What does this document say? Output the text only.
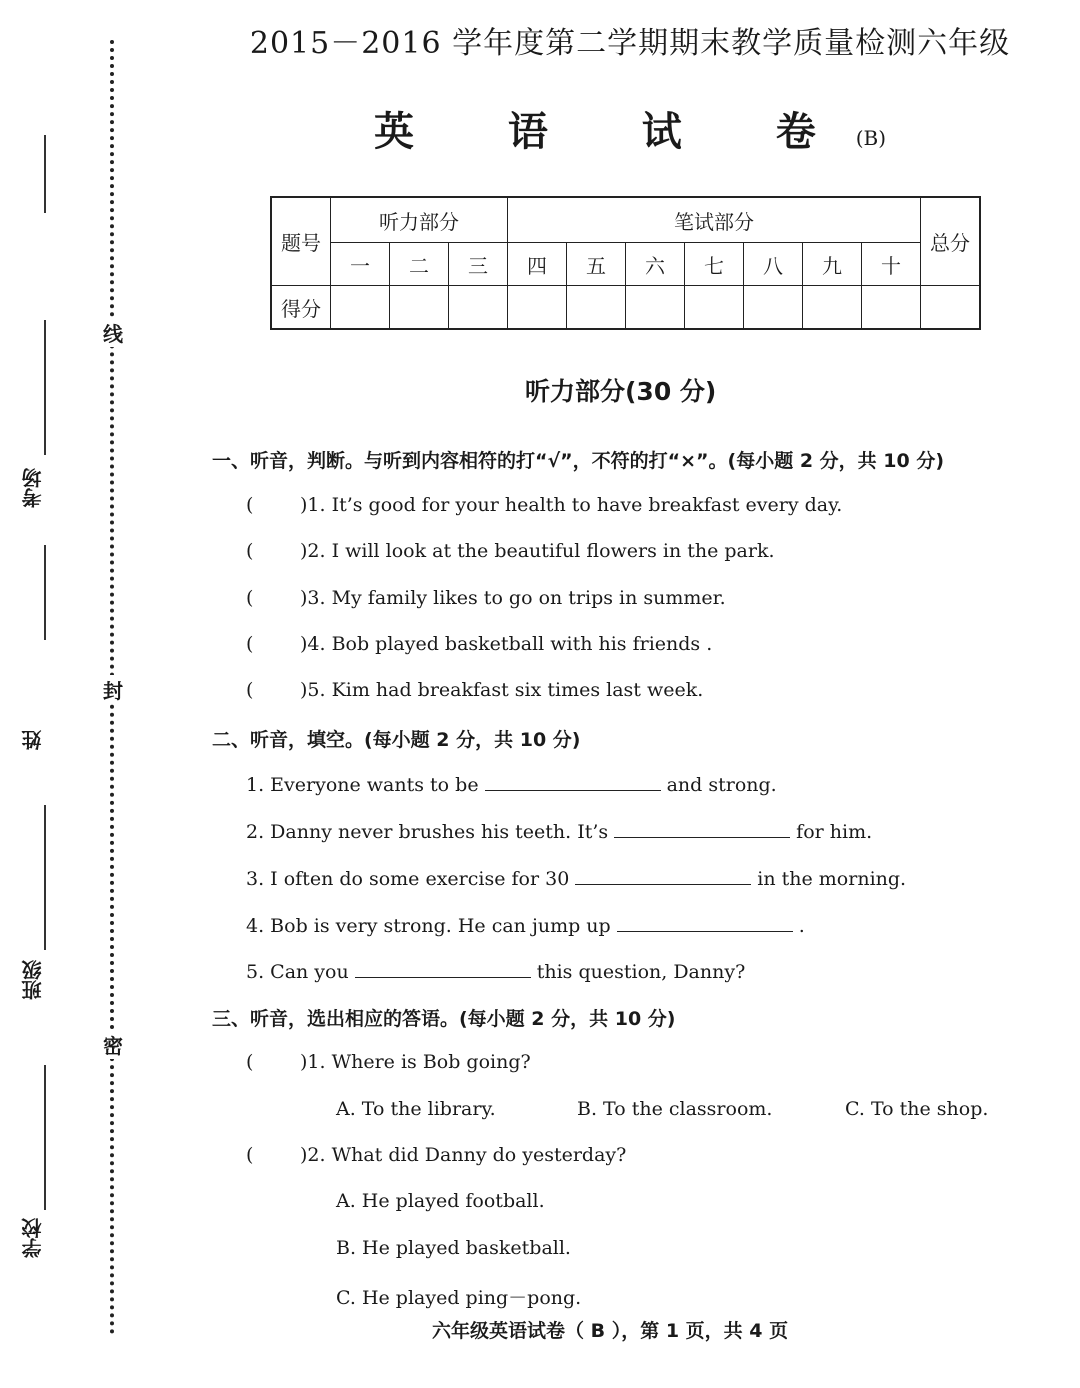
线
封
密
考场
姓
班级
学校
2015－2016 学年度第二学期期末教学质量检测六年级
英 语 试 卷(B)
题号	听力部分			笔试部分							总分
	一	二	三	四	五	六	七	八	九	十	
得分											
听力部分(30 分)
一、听音，判断。与听到内容相符的打“√”，不符的打“×”。(每小题 2 分，共 10 分)
( )1. It’s good for your health to have breakfast every day.
( )2. I will look at the beautiful flowers in the park.
( )3. My family likes to go on trips in summer.
( )4. Bob played basketball with his friends .
( )5. Kim had breakfast six times last week.
二、听音，填空。(每小题 2 分，共 10 分)
1. Everyone wants to be	and strong.
2. Danny never brushes his teeth. It’s	for him.
3. I often do some exercise for 30	in the morning.
4. Bob is very strong. He can jump up	.
5. Can you	this question, Danny?
三、听音，选出相应的答语。(每小题 2 分，共 10 分)
( )1. Where is Bob going?
A. To the library.	B. To the classroom.	C. To the shop.
( )2. What did Danny do yesterday?
A. He played football.
B. He played basketball.
C. He played ping－pong.
六年级英语试卷（ B ），第 1 页，共 4 页
